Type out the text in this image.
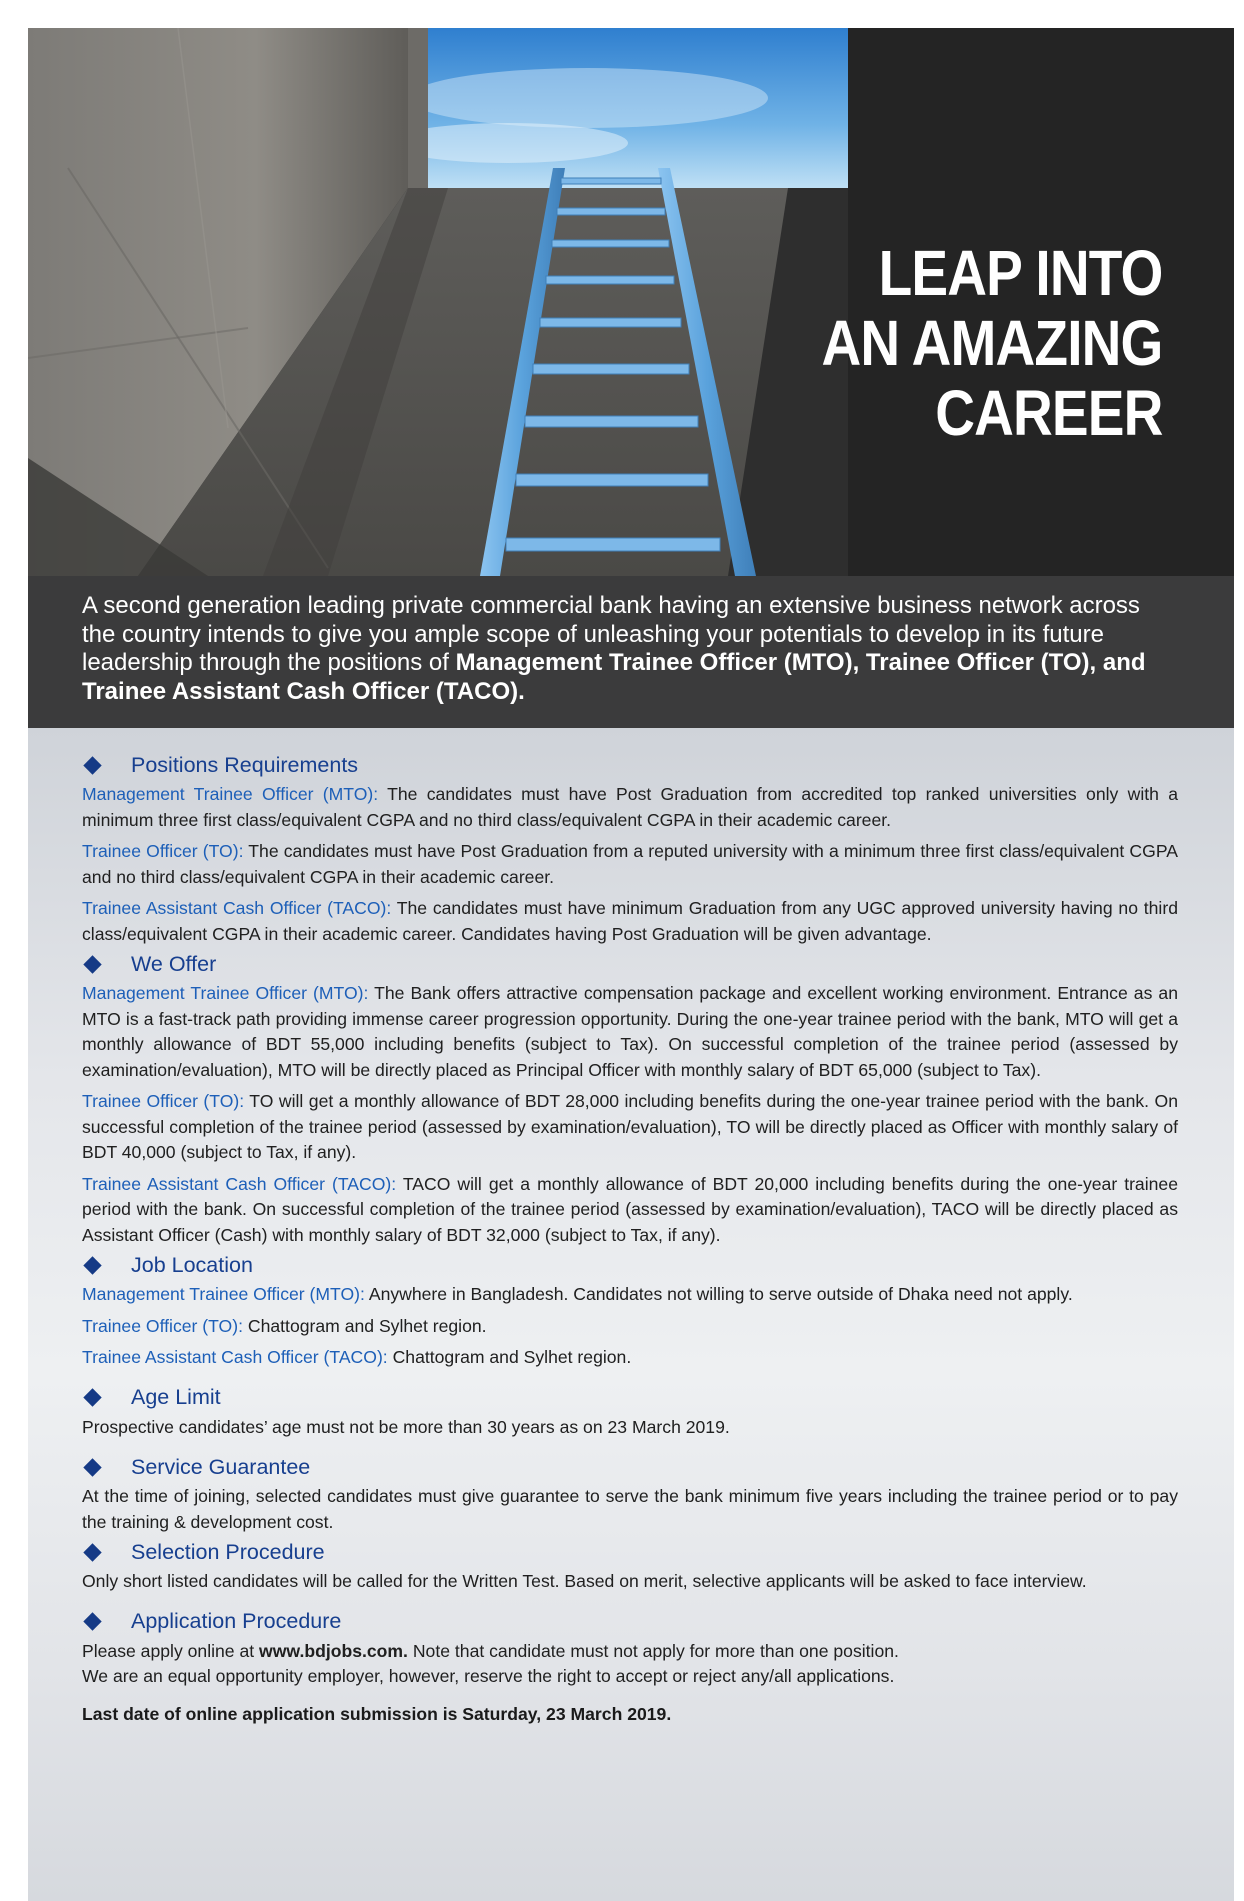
LEAP INTO
AN AMAZING
CAREER
A second generation leading private commercial bank having an extensive business network across the country intends to give you ample scope of unleashing your potentials to develop in its future leadership through the positions of Management Trainee Officer (MTO), Trainee Officer (TO), and Trainee Assistant Cash Officer (TACO).
Positions Requirements

Management Trainee Officer (MTO): The candidates must have Post Graduation from accredited top ranked universities only with a minimum three first class/equivalent CGPA and no third class/equivalent CGPA in their academic career.

Trainee Officer (TO): The candidates must have Post Graduation from a reputed university with a minimum three first class/equivalent CGPA and no third class/equivalent CGPA in their academic career.

Trainee Assistant Cash Officer (TACO): The candidates must have minimum Graduation from any UGC approved university having no third class/equivalent CGPA in their academic career. Candidates having Post Graduation will be given advantage.

We Offer

Management Trainee Officer (MTO): The Bank offers attractive compensation package and excellent working environment. Entrance as an MTO is a fast-track path providing immense career progression opportunity. During the one-year trainee period with the bank, MTO will get a monthly allowance of BDT 55,000 including benefits (subject to Tax). On successful completion of the trainee period (assessed by examination/evaluation), MTO will be directly placed as Principal Officer with monthly salary of BDT 65,000 (subject to Tax).

Trainee Officer (TO): TO will get a monthly allowance of BDT 28,000 including benefits during the one-year trainee period with the bank. On successful completion of the trainee period (assessed by examination/evaluation), TO will be directly placed as Officer with monthly salary of BDT 40,000 (subject to Tax, if any).

Trainee Assistant Cash Officer (TACO): TACO will get a monthly allowance of BDT 20,000 including benefits during the one-year trainee period with the bank. On successful completion of the trainee period (assessed by examination/evaluation), TACO will be directly placed as Assistant Officer (Cash) with monthly salary of BDT 32,000 (subject to Tax, if any).

Job Location

Management Trainee Officer (MTO): Anywhere in Bangladesh. Candidates not willing to serve outside of Dhaka need not apply.

Trainee Officer (TO): Chattogram and Sylhet region.

Trainee Assistant Cash Officer (TACO): Chattogram and Sylhet region.

Age Limit

Prospective candidates’ age must not be more than 30 years as on 23 March 2019.

Service Guarantee

At the time of joining, selected candidates must give guarantee to serve the bank minimum five years including the trainee period or to pay the training & development cost.

Selection Procedure

Only short listed candidates will be called for the Written Test. Based on merit, selective applicants will be asked to face interview.

Application Procedure

Please apply online at www.bdjobs.com. Note that candidate must not apply for more than one position.

We are an equal opportunity employer, however, reserve the right to accept or reject any/all applications.

Last date of online application submission is Saturday, 23 March 2019.
